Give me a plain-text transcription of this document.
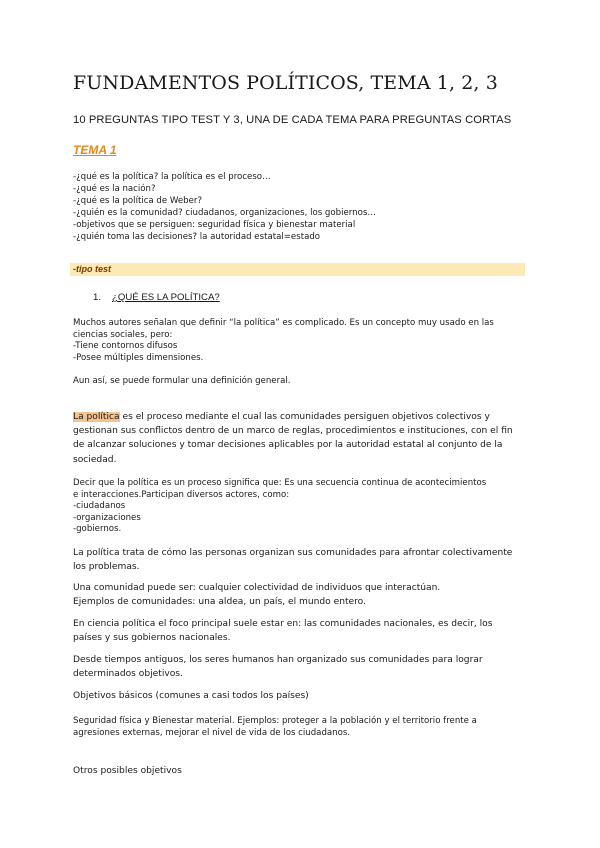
FUNDAMENTOS POLÍTICOS, TEMA 1, 2, 3
10 PREGUNTAS TIPO TEST Y 3, UNA DE CADA TEMA PARA PREGUNTAS CORTAS
TEMA 1
-¿qué es la política? la política es el proceso…
-¿qué es la nación?
-¿qué es la política de Weber?
-¿quién es la comunidad? ciudadanos, organizaciones, los gobiernos…
-objetivos que se persiguen: seguridad física y bienestar material
-¿quién toma las decisiones? la autoridad estatal=estado
-tipo test
1. ¿QUÉ ES LA POLÍTICA?
Muchos autores señalan que definir “la política” es complicado. Es un concepto muy usado en las
ciencias sociales, pero:
-Tiene contornos difusos
-Posee múltiples dimensiones.
Aun así, se puede formular una definición general.
La política es el proceso mediante el cual las comunidades persiguen objetivos colectivos y
gestionan sus conflictos dentro de un marco de reglas, procedimientos e instituciones, con el fin
de alcanzar soluciones y tomar decisiones aplicables por la autoridad estatal al conjunto de la
sociedad.
Decir que la política es un proceso significa que: Es una secuencia continua de acontecimientos
e interacciones.Participan diversos actores, como:
-ciudadanos
-organizaciones
-gobiernos.
La política trata de cómo las personas organizan sus comunidades para afrontar colectivamente
los problemas.
Una comunidad puede ser: cualquier colectividad de individuos que interactúan.
Ejemplos de comunidades: una aldea, un país, el mundo entero.
En ciencia política el foco principal suele estar en: las comunidades nacionales, es decir, los
países y sus gobiernos nacionales.
Desde tiempos antiguos, los seres humanos han organizado sus comunidades para lograr
determinados objetivos.
Objetivos básicos (comunes a casi todos los países)
Seguridad física y Bienestar material. Ejemplos: proteger a la población y el territorio frente a
agresiones externas, mejorar el nivel de vida de los ciudadanos.
Otros posibles objetivos
